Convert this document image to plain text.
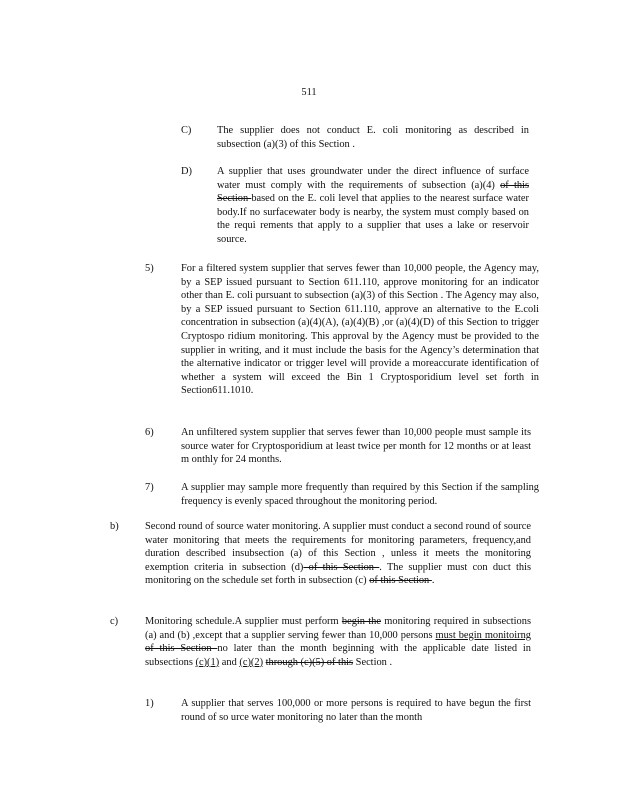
511
C) The supplier does not conduct E. coli monitoring as described in subsection (a)(3) of this Section .
D) A supplier that uses groundwater under the direct influence of surface water must comply with the requirements of subsection (a)(4) of this Section based on the E. coli level that applies to the nearest surface water body.If no surfacewater body is nearby, the system must comply based on the requi rements that apply to a supplier that uses a lake or reservoir source.
5)	For a filtered system supplier that serves fewer than 10,000 people, the Agency may, by a SEP issued pursuant to Section 611.110, approve monitoring for an indicator other than E. coli pursuant to subsection (a)(3) of this Section . The Agency may also, by a SEP issued pursuant to Section 611.110, approve an alternative to the E.coli concentration in subsection (a)(4)(A), (a)(4)(B) ,or (a)(4)(D) of this Section to trigger Cryptospo ridium monitoring. This approval by the Agency must be provided to the supplier in writing, and it must include the basis for the Agency’s determination that the alternative indicator or trigger level will provide a moreaccurate identification of whether a system will exceed the Bin 1 Cryptosporidium level set forth in Section611.1010.
6)	An unfiltered system supplier that serves fewer than 10,000 people must sample its source water for Cryptosporidium at least twice per month for 12 months or at least m onthly for 24 months.
7)	A supplier may sample more frequently than required by this Section if the sampling frequency is evenly spaced throughout the monitoring period.
b)	Second round of source water monitoring. A supplier must conduct a second round of source water monitoring that meets the requirements for monitoring parameters, frequency,and duration described insubsection (a) of this Section , unless it meets the monitoring exemption criteria in subsection (d) of this Section . The supplier must con duct this monitoring on the schedule set forth in subsection (c) of this Section .
c)	Monitoring schedule.A supplier must perform begin the monitoring required in subsections (a) and (b) ,except that a supplier serving fewer than 10,000 persons must begin monitoirng of this Section no later than the month beginning with the applicable date listed in subsections (c)(1) and (c)(2) through (c)(5) of this Section .
1)	A supplier that serves 100,000 or more persons is required to have begun the first round of so urce water monitoring no later than the month
